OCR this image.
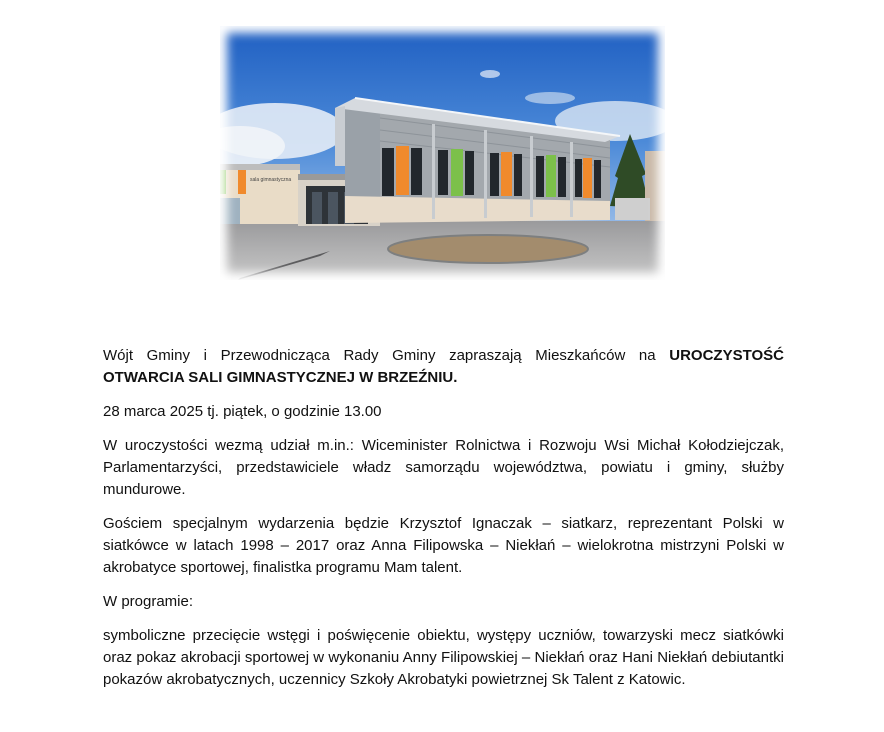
sala gimnastyczna

Wójt Gminy i Przewodnicząca Rady Gminy zapraszają Mieszkańców na UROCZYSTOŚĆ OTWARCIA SALI GIMNASTYCZNEJ W BRZEŹNIU.

28 marca 2025 tj. piątek, o godzinie 13.00

W uroczystości wezmą udział m.in.: Wiceminister Rolnictwa i Rozwoju Wsi Michał Kołodziejczak, Parlamentarzyści, przedstawiciele władz samorządu województwa, powiatu i gminy, służby mundurowe.

Gościem specjalnym wydarzenia będzie Krzysztof Ignaczak – siatkarz, reprezentant Polski w siatkówce w latach 1998 – 2017 oraz Anna Filipowska – Niekłań – wielokrotna mistrzyni Polski w akrobatyce sportowej, finalistka programu Mam talent.

W programie:

symboliczne przecięcie wstęgi i poświęcenie obiektu, występy uczniów, towarzyski mecz siatkówki oraz pokaz akrobacji sportowej w wykonaniu Anny Filipowskiej – Niekłań oraz Hani Niekłań debiutantki pokazów akrobatycznych, uczennicy Szkoły Akrobatyki powietrznej Sk Talent z Katowic.
